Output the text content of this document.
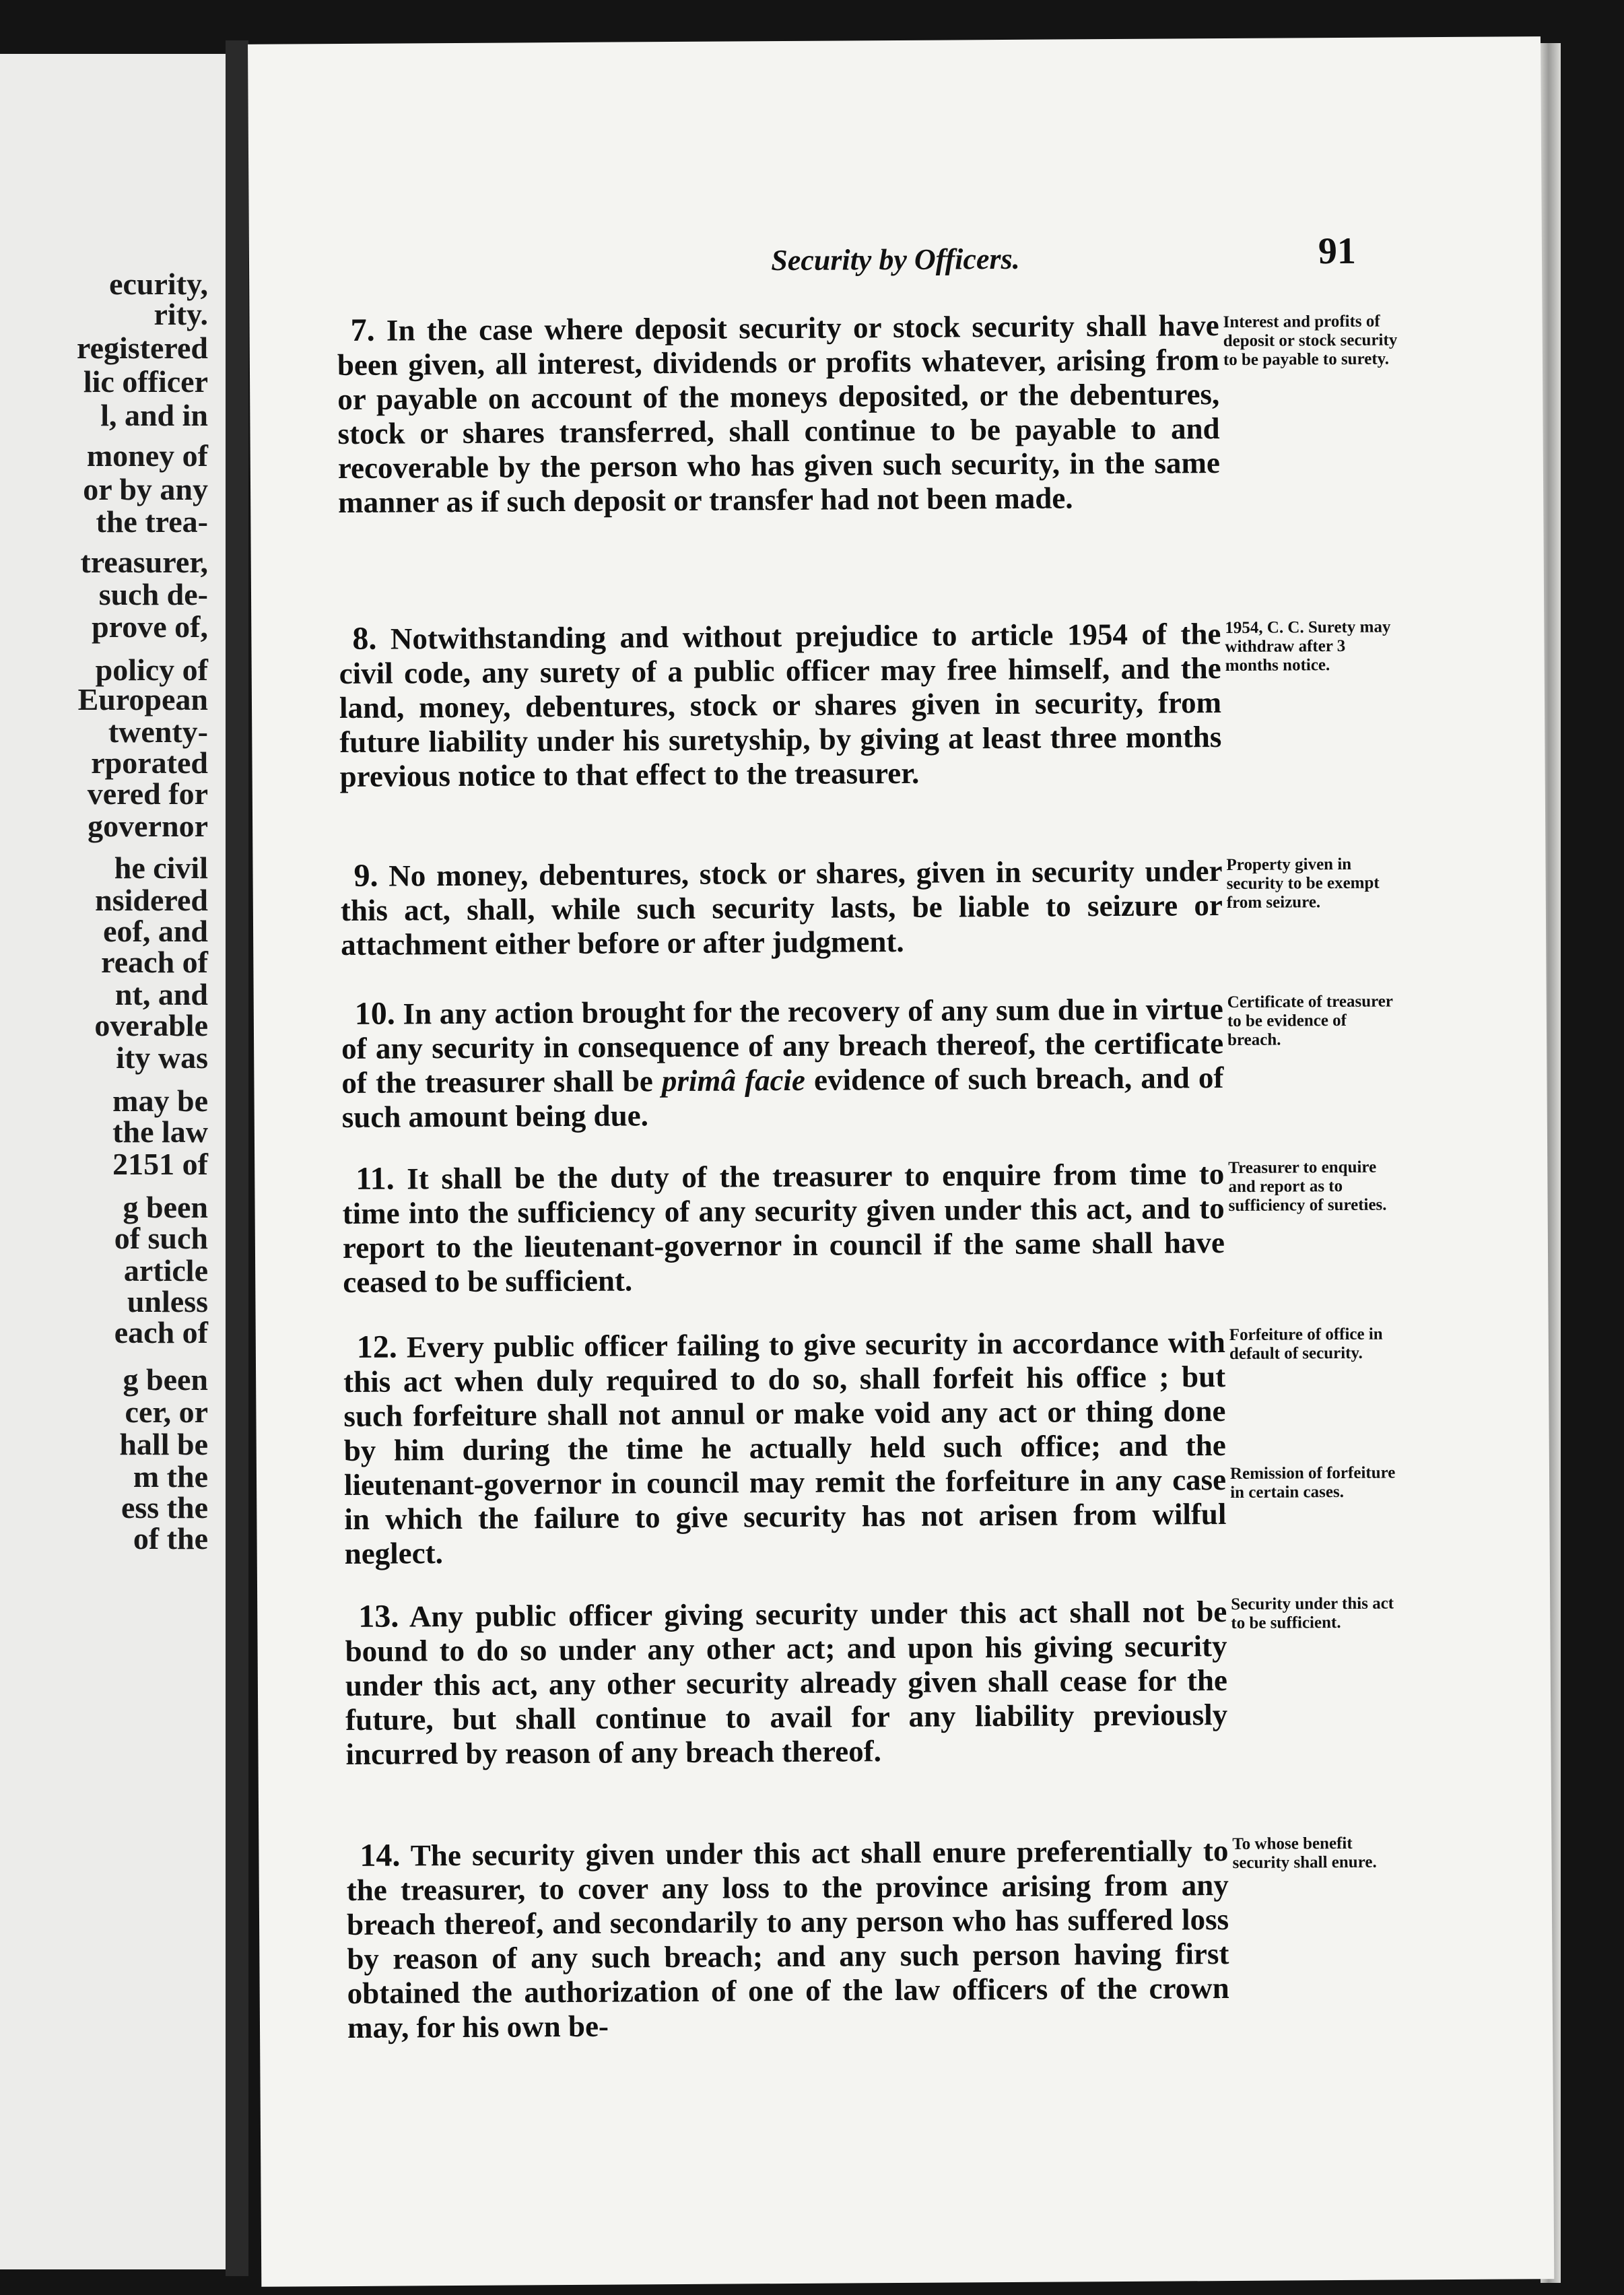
ecurity,
rity.
registered
lic officer
l, and in
money of
or by any
the trea-
treasurer,
such de-
prove of,
policy of
European
twenty-
rporated
vered for
governor
he civil
nsidered
eof, and
reach of
nt, and
overable
ity was
may be
the law
2151 of
g been
of such
article
unless
each of
g been
cer, or
hall be
m the
ess the
of the
Security by Officers.	91

7. In the case where deposit security or stock security shall have been given, all interest, dividends or profits whatever, arising from or payable on account of the moneys deposited, or the debentures, stock or shares transferred, shall continue to be payable to and recoverable by the person who has given such security, in the same manner as if such deposit or transfer had not been made.

Interest and profits of deposit or stock security to be payable to surety.

8. Notwithstanding and without prejudice to article 1954 of the civil code, any surety of a public officer may free himself, and the land, money, debentures, stock or shares given in security, from future liability under his suretyship, by giving at least three months previous notice to that effect to the treasurer.

1954, C. C. Surety may withdraw after 3 months notice.

9. No money, debentures, stock or shares, given in security under this act, shall, while such security lasts, be liable to seizure or attachment either before or after judgment.

Property given in security to be exempt from seizure.

10. In any action brought for the recovery of any sum due in virtue of any security in consequence of any breach thereof, the certificate of the treasurer shall be primâ facie evidence of such breach, and of such amount being due.

Certificate of treasurer to be evidence of breach.

11. It shall be the duty of the treasurer to enquire from time to time into the sufficiency of any security given under this act, and to report to the lieutenant-governor in council if the same shall have ceased to be sufficient.

Treasurer to enquire and report as to sufficiency of sureties.

12. Every public officer failing to give security in accordance with this act when duly required to do so, shall forfeit his office ; but such forfeiture shall not annul or make void any act or thing done by him during the time he actually held such office; and the lieutenant-governor in council may remit the forfeiture in any case in which the failure to give security has not arisen from wilful neglect.

Forfeiture of office in default of security.
Remission of forfeiture in certain cases.

13. Any public officer giving security under this act shall not be bound to do so under any other act; and upon his giving security under this act, any other security already given shall cease for the future, but shall continue to avail for any liability previously incurred by reason of any breach thereof.

Security under this act to be sufficient.

14. The security given under this act shall enure preferentially to the treasurer, to cover any loss to the province arising from any breach thereof, and secondarily to any person who has suffered loss by reason of any such breach; and any such person having first obtained the authorization of one of the law officers of the crown may, for his own be-

To whose benefit security shall enure.
